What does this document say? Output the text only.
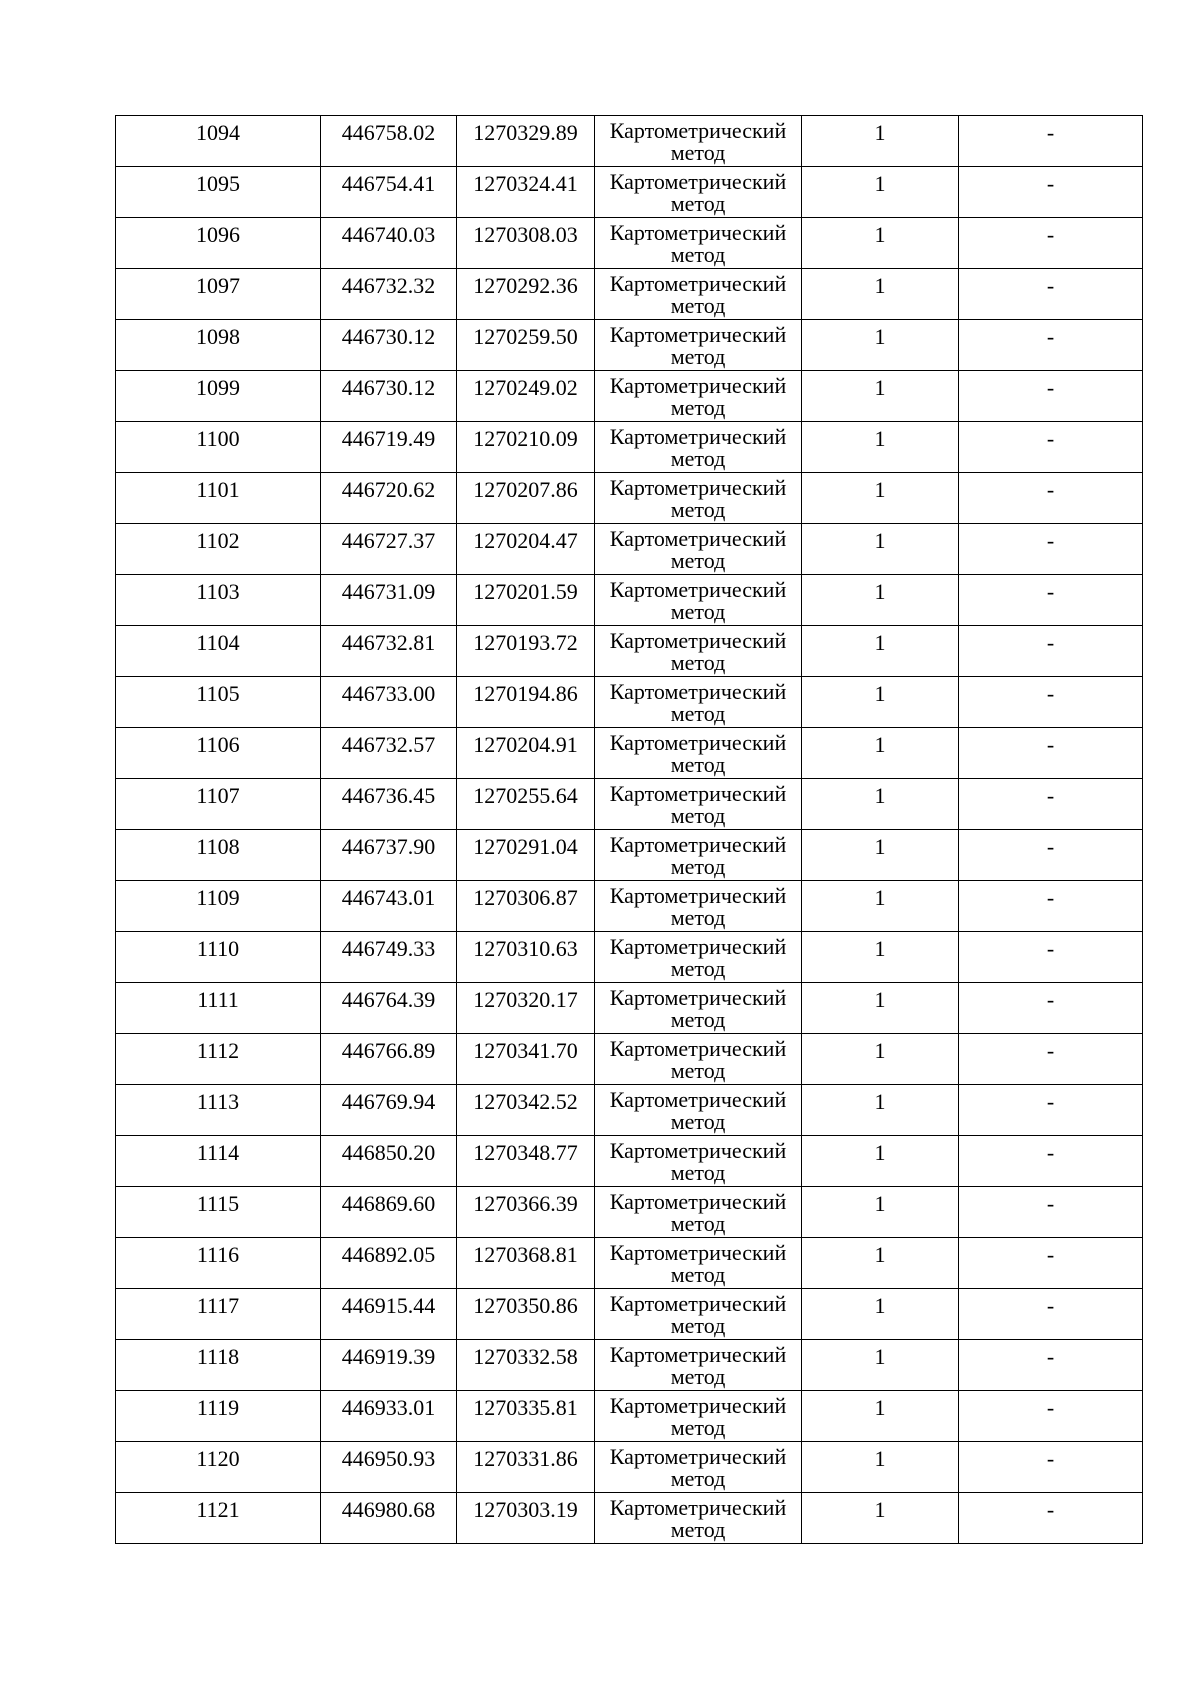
1094	446758.02	1270329.89	Картометрический метод	1	-

1095	446754.41	1270324.41	Картометрический метод	1	-

1096	446740.03	1270308.03	Картометрический метод	1	-

1097	446732.32	1270292.36	Картометрический метод	1	-

1098	446730.12	1270259.50	Картометрический метод	1	-

1099	446730.12	1270249.02	Картометрический метод	1	-

1100	446719.49	1270210.09	Картометрический метод	1	-

1101	446720.62	1270207.86	Картометрический метод	1	-

1102	446727.37	1270204.47	Картометрический метод	1	-

1103	446731.09	1270201.59	Картометрический метод	1	-

1104	446732.81	1270193.72	Картометрический метод	1	-

1105	446733.00	1270194.86	Картометрический метод	1	-

1106	446732.57	1270204.91	Картометрический метод	1	-

1107	446736.45	1270255.64	Картометрический метод	1	-

1108	446737.90	1270291.04	Картометрический метод	1	-

1109	446743.01	1270306.87	Картометрический метод	1	-

1110	446749.33	1270310.63	Картометрический метод	1	-

1111	446764.39	1270320.17	Картометрический метод	1	-

1112	446766.89	1270341.70	Картометрический метод	1	-

1113	446769.94	1270342.52	Картометрический метод	1	-

1114	446850.20	1270348.77	Картометрический метод	1	-

1115	446869.60	1270366.39	Картометрический метод	1	-

1116	446892.05	1270368.81	Картометрический метод	1	-

1117	446915.44	1270350.86	Картометрический метод	1	-

1118	446919.39	1270332.58	Картометрический метод	1	-

1119	446933.01	1270335.81	Картометрический метод	1	-

1120	446950.93	1270331.86	Картометрический метод	1	-

1121	446980.68	1270303.19	Картометрический метод	1	-
